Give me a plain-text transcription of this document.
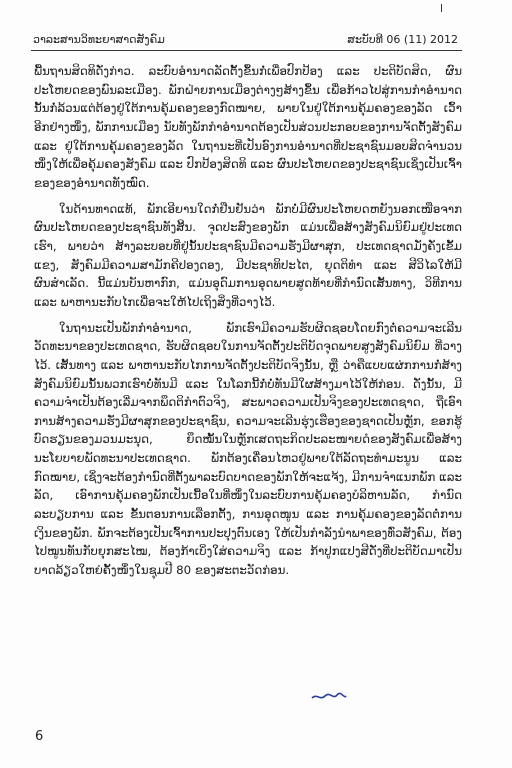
ວາລະສານວິທະຍາສາດສັງຄົມ	ສະບັບທີ 06 (11) 2012

ພື້ນຖານສິດທິດັ່ງກ່າວ. ລະບົບອຳນາດລັດຕັ້ງຂຶ້ນກໍ່ເພື່ອປົກປ້ອງ ແລະ ປະຕິບັດສິດ, ຜົນປະໂຫຍດຂອງພົນລະເມືອງ. ພັກຝ່າຍການເມືອງຕ່າງໆສ້າງຂຶ້ນ ເພື່ອກ້າວໄປສູ່ການກຳອຳນາດນັ້ນກໍ່ລ້ວນແຕ່ຕ້ອງຢູ່ໃຕ້ການຄຸ້ມຄອງຂອງກົດໝາຍ, ພາຍໃນຢູ່ໃຕ້ການຄຸ້ມຄອງຂອງລັດ ເວົ້າອີກຢ່າງໜຶ່ງ, ພັກການເມືອງ ນັບທັງພັກກຳອຳນາດຕ້ອງເປັນສ່ວນປະກອບຂອງການຈັດຕັ້ງສັງຄົມ ແລະ ຢູ່ໃຕ້ການຄຸ້ມຄອງຂອງລັດ ໃນຖານະທີ່ເປັນອົງການອຳນາດທີ່ປະຊາຊົນມອບສິດຈຳນວນໜຶ່ງໃຫ້ເພື່ອຄຸ້ມຄອງສັງຄົມ ແລະ ປົກປ້ອງສິດທິ ແລະ ຜົນປະໂຫຍດຂອງປະຊາຊົນເຊິ່ງເປັນເຈົ້າຂອງຂອງອຳນາດທັງໝົດ.

ໃນດ້ານທາດແທ້, ພັກເອີຍານໃດກໍ່ຢືນຢັນວ່າ ພັກບໍ່ມີຜົນປະໂຫຍດຫຍັງນອກເໜືອຈາກຜົນປະໂຫຍດຂອງປະຊາຊົນທັງສິ້ນ. ຈຸດປະສົງຂອງພັກ ແມ່ນເພື່ອສ້າງສັງຄົມນິຍົມຢູ່ປະເທດເຮົາ, ພາຍວ່າ ສ້າງລະບອບທີ່ຢູ່ນັ້ນປະຊາຊົນມີຄວາມຮັ່ງມີຜາສຸກ, ປະເທດຊາດມັ່ງຄັ່ງເຂັ້ມແຂງ, ສັງຄົມມີຄວາມສາມັກຄີປອງດອງ, ມີປະຊາທິປະໄຕ, ຍຸດຕິທຳ ແລະ ສີວິໄລໃຫ້ມີຜົນສຳເລັດ. ນີ້ແມ່ນບັນຫາກົກ, ແມ່ນອຸດົມການອຸດພາຍສູດທ້າຍທີ່ກຳນົດເສັ້ນທາງ, ວິທີການ ແລະ ພາຫານະກັບໄກເພື່ອຈະໃຫ້ໄປເຖິງສິ່ງທີ່ວາງໄວ້.

ໃນຖານະເປັນພັກກຳອຳນາດ, ພັກເຮົາມີຄວາມຮັບຜິດຊອບໂດຍກົງຕໍ່ຄວາມຈະເລີນວັດທະນາຂອງປະເທດຊາດ, ຮັບຜິດຊອບໃນການຈັດຕັ້ງປະຕິບັດຈຸດພາຍສູງສັງຄົມນິຍົມ ທີ່ວາງໄວ້. ເສັ້ນທາງ ແລະ ພາຫານະກັບໄກການຈັດຕັ້ງປະຕິບັດຈິງນັ້ນ, ຫຼື ວ່າຄືແບບແຜ່ກການກໍ່ສ້າງສັງຄົມນິຍົມນັ້ນພວກເຮົາບໍ່ທັນມີ ແລະ ໃນໂລກນີ້ກໍ່ບໍ່ທັນມີໃຜສ້າງມາໄວ້ໃຫ້ກ່ອນ. ດັ່ງນັ້ນ, ມີຄວາມຈຳເປັນຕ້ອງເລີ່ມຈາກພຶດຕິກຳຕົວຈິງ, ສະພາວຄວາມເປັນຈິງຂອງປະເທດຊາດ, ຖືເອົາການສ້າງຄວາມຮັ່ງມີຜາສຸກຂອງປະຊາຊົນ, ຄວາມຈະເລີນຮຸ່ງເຮືອງຂອງຊາດເປັນຫຼັກ, ຂອກຮູ້ບົດຮຽນຂອງມວນມະນຸດ, ຍຶດໝັ້ນໃນຫຼັກເສດຖະກິດປະລະໜາຍດໍຂອງສັງຄົມເພື່ອສ້າງນະໂຍບາຍພັດທະນາປະເທດຊາດ. ພັກຕ້ອງເຄື່ອນໄຫວຢູ່ພາຍໃຕ້ລັດຖະທຳມະນູນ ແລະ ກົດໝາຍ, ເຊິ່ງຈະຕ້ອງກຳນົດທີ່ຕັ້ງພາລະບົດບາດຂອງພັກໃຫ້ຈະແຈ້ງ, ມີການຈຳແນກພັກ ແລະ ລັດ, ເອົາການຄຸ້ມຄອງພັກເປັນເນື້ອໃນທີ່ໜຶ່ງໃນລະບົບການຄຸ້ມຄອງບໍລິຫານລັດ, ກຳນົດລະບຽບການ ແລະ ຂັ້ນຕອນການເລືອກຕັ້ງ, ການອຸດໜູນ ແລະ ການຄຸ້ມຄອງຂອງລັດຕໍ່ການເງິນຂອງພັກ. ພັກຈະຕ້ອງເປັນເຈົ້າການປະປຸງຕົນເອງ ໃຫ້ເປັນກຳລັງນຳພາຂອງທົ່ວສັງຄົມ, ຕ້ອງໄປໝູນທັນກັບຍຸກສະໄໝ, ຕ້ອງກ້າເບິ່ງໃສ່ຄວາມຈິງ ແລະ ກ້າປູກແປງສີດັ່ງທີ່ປະຕິບັດມາເປັນບາດລ້ຽວໃຫຍ່ຄັ້ງໜຶ່ງໃນຊຸມປີ 80 ຂອງສະຕະວັດກ່ອນ.

6
